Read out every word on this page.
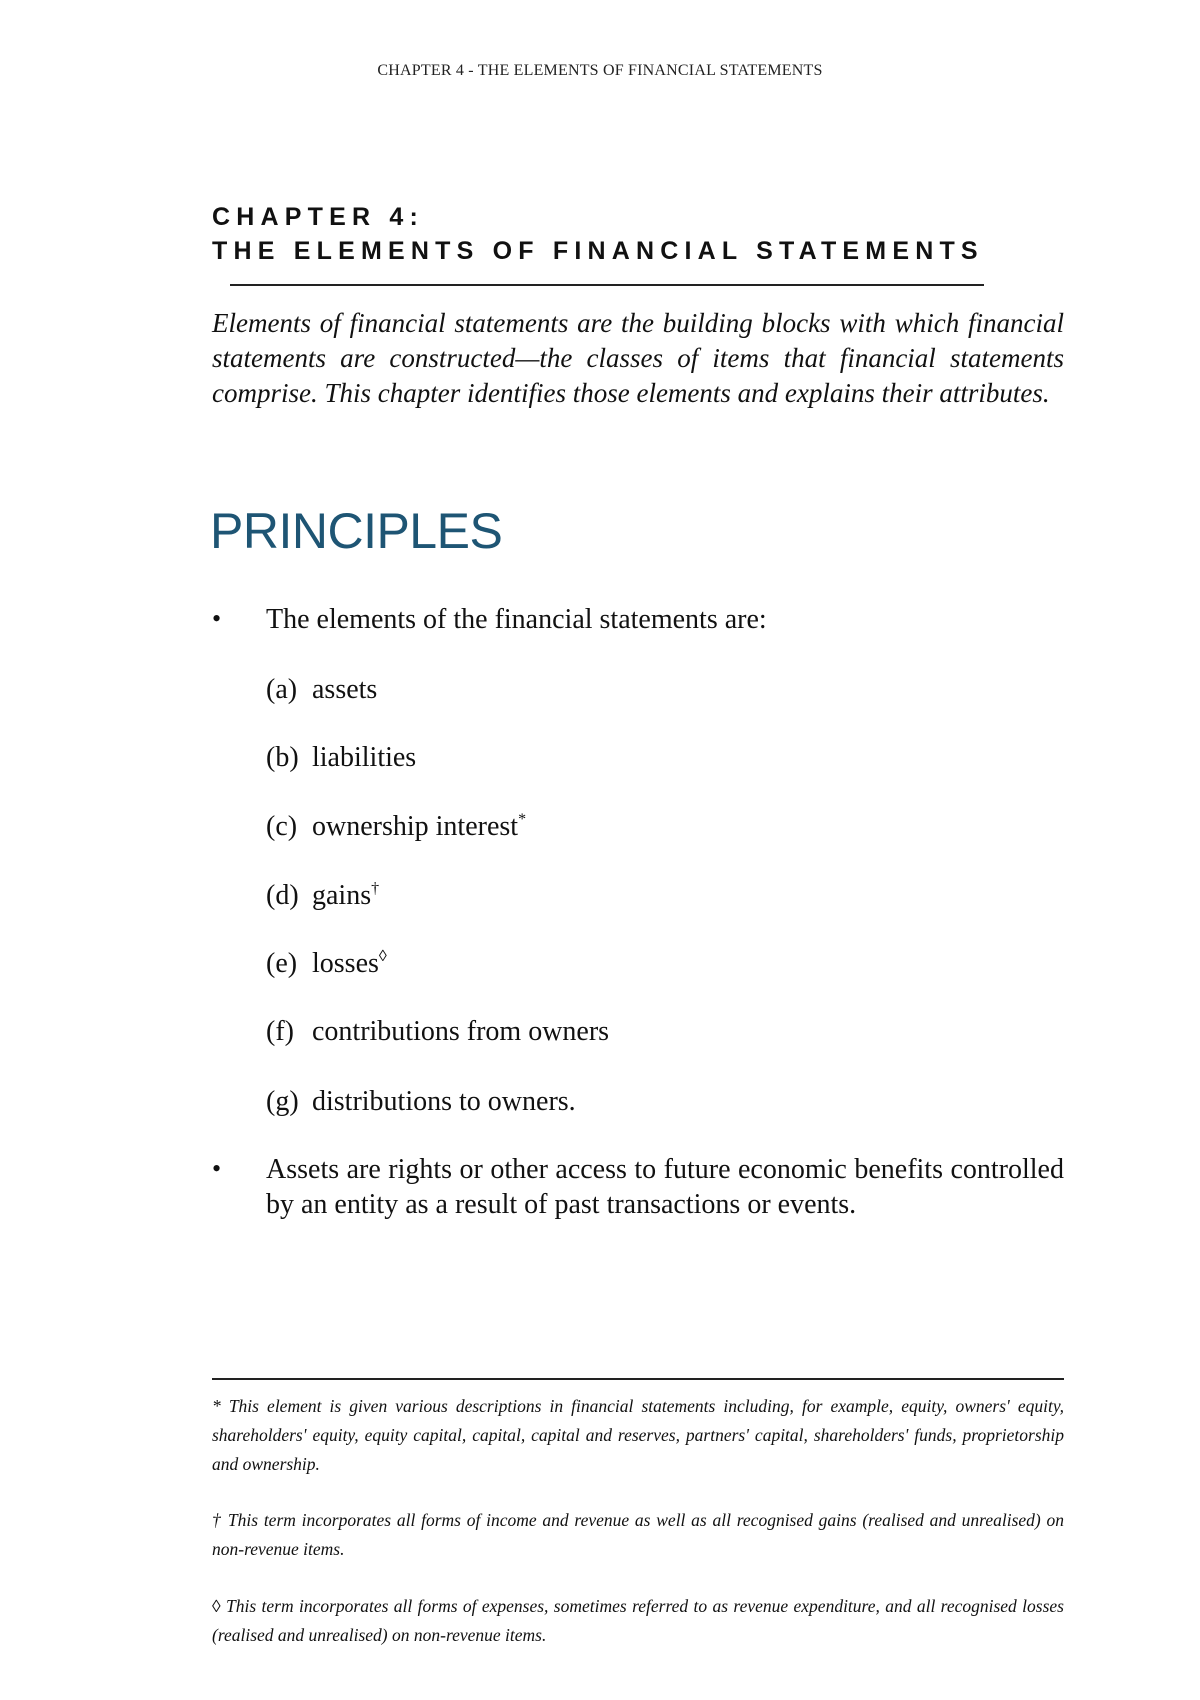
CHAPTER 4 - THE ELEMENTS OF FINANCIAL STATEMENTS
CHAPTER 4:
THE ELEMENTS OF FINANCIAL STATEMENTS
Elements of financial statements are the building blocks with which financial statements are constructed—the classes of items that financial statements comprise. This chapter identifies those elements and explains their attributes.
PRINCIPLES
• The elements of the financial statements are:
(a) assets
(b) liabilities
(c) ownership interest*
(d) gains†
(e) losses◊
(f) contributions from owners
(g) distributions to owners.
• Assets are rights or other access to future economic benefits controlled by an entity as a result of past transactions or events.
* This element is given various descriptions in financial statements including, for example, equity, owners' equity, shareholders' equity, equity capital, capital, capital and reserves, partners' capital, shareholders' funds, proprietorship and ownership.
† This term incorporates all forms of income and revenue as well as all recognised gains (realised and unrealised) on non-revenue items.
◊ This term incorporates all forms of expenses, sometimes referred to as revenue expenditure, and all recognised losses (realised and unrealised) on non-revenue items.
